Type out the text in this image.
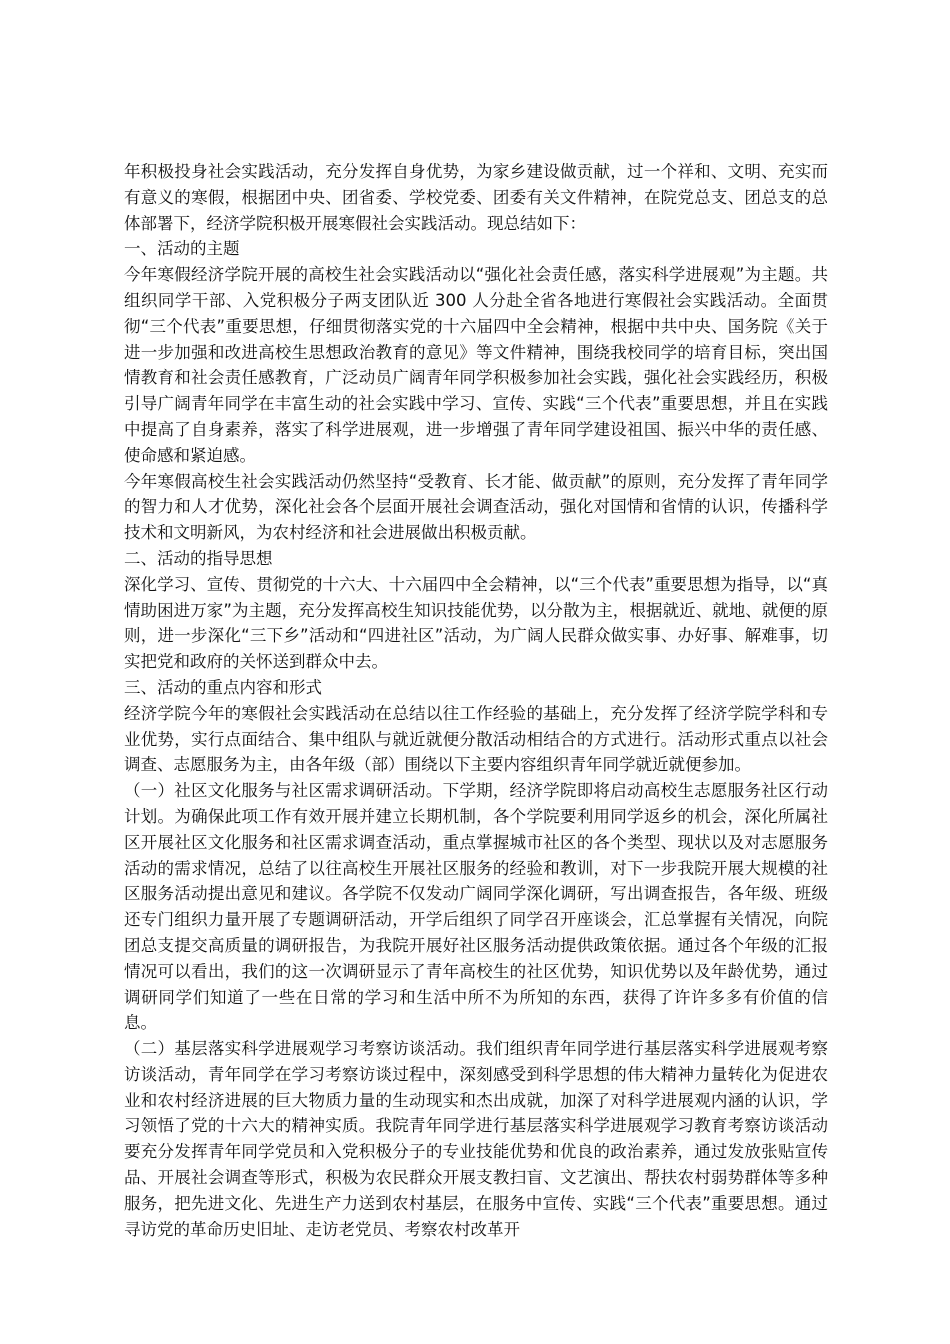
年积极投身社会实践活动，充分发挥自身优势，为家乡建设做贡献，过一个祥和、文明、充实而有意义的寒假，根据团中央、团省委、学校党委、团委有关文件精神，在院党总支、团总支的总体部署下，经济学院积极开展寒假社会实践活动。现总结如下：

一、活动的主题

今年寒假经济学院开展的高校生社会实践活动以“强化社会责任感，落实科学进展观”为主题。共组织同学干部、入党积极分子两支团队近 300 人分赴全省各地进行寒假社会实践活动。全面贯彻“三个代表”重要思想，仔细贯彻落实党的十六届四中全会精神，根据中共中央、国务院《关于进一步加强和改进高校生思想政治教育的意见》等文件精神，围绕我校同学的培育目标，突出国情教育和社会责任感教育，广泛动员广阔青年同学积极参加社会实践，强化社会实践经历，积极引导广阔青年同学在丰富生动的社会实践中学习、宣传、实践“三个代表”重要思想，并且在实践中提高了自身素养，落实了科学进展观，进一步增强了青年同学建设祖国、振兴中华的责任感、使命感和紧迫感。

今年寒假高校生社会实践活动仍然坚持“受教育、长才能、做贡献”的原则，充分发挥了青年同学的智力和人才优势，深化社会各个层面开展社会调查活动，强化对国情和省情的认识，传播科学技术和文明新风，为农村经济和社会进展做出积极贡献。

二、活动的指导思想

深化学习、宣传、贯彻党的十六大、十六届四中全会精神，以“三个代表”重要思想为指导，以“真情助困进万家”为主题，充分发挥高校生知识技能优势，以分散为主，根据就近、就地、就便的原则，进一步深化“三下乡”活动和“四进社区”活动，为广阔人民群众做实事、办好事、解难事，切实把党和政府的关怀送到群众中去。

三、活动的重点内容和形式

经济学院今年的寒假社会实践活动在总结以往工作经验的基础上，充分发挥了经济学院学科和专业优势，实行点面结合、集中组队与就近就便分散活动相结合的方式进行。活动形式重点以社会调查、志愿服务为主，由各年级（部）围绕以下主要内容组织青年同学就近就便参加。

（一）社区文化服务与社区需求调研活动。下学期，经济学院即将启动高校生志愿服务社区行动计划。为确保此项工作有效开展并建立长期机制，各个学院要利用同学返乡的机会，深化所属社区开展社区文化服务和社区需求调查活动，重点掌握城市社区的各个类型、现状以及对志愿服务活动的需求情况，总结了以往高校生开展社区服务的经验和教训，对下一步我院开展大规模的社区服务活动提出意见和建议。各学院不仅发动广阔同学深化调研，写出调查报告，各年级、班级还专门组织力量开展了专题调研活动，开学后组织了同学召开座谈会，汇总掌握有关情况，向院团总支提交高质量的调研报告，为我院开展好社区服务活动提供政策依据。通过各个年级的汇报情况可以看出，我们的这一次调研显示了青年高校生的社区优势，知识优势以及年龄优势，通过调研同学们知道了一些在日常的学习和生活中所不为所知的东西，获得了许许多多有价值的信息。

（二）基层落实科学进展观学习考察访谈活动。我们组织青年同学进行基层落实科学进展观考察访谈活动，青年同学在学习考察访谈过程中，深刻感受到科学思想的伟大精神力量转化为促进农业和农村经济进展的巨大物质力量的生动现实和杰出成就，加深了对科学进展观内涵的认识，学习领悟了党的十六大的精神实质。我院青年同学进行基层落实科学进展观学习教育考察访谈活动要充分发挥青年同学党员和入党积极分子的专业技能优势和优良的政治素养，通过发放张贴宣传品、开展社会调查等形式，积极为农民群众开展支教扫盲、文艺演出、帮扶农村弱势群体等多种服务，把先进文化、先进生产力送到农村基层，在服务中宣传、实践“三个代表”重要思想。通过寻访党的革命历史旧址、走访老党员、考察农村改革开
